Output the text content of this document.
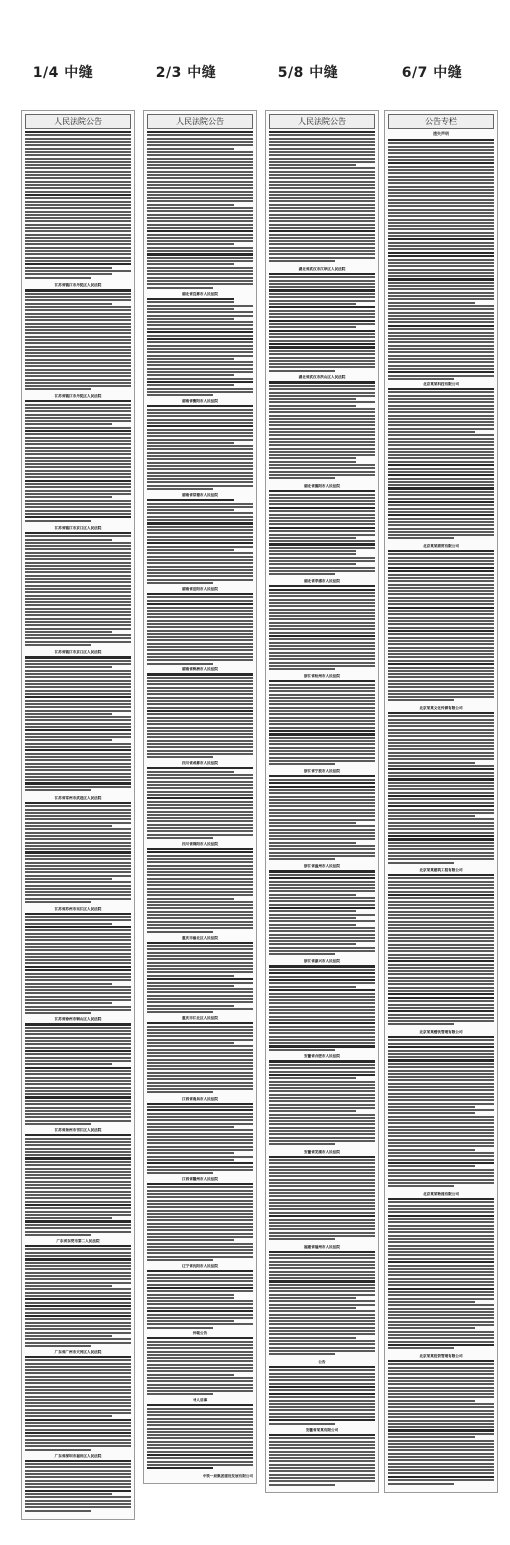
1/4 中缝	2/3 中缝	5/8 中缝	6/7 中缝
人民法院公告
江苏省镇江市丹徒区人民法院
江苏省镇江市丹徒区人民法院
江苏省镇江市京口区人民法院
江苏省镇江市京口区人民法院
江苏省常州市武进区人民法院
江苏省苏州市吴江区人民法院
江苏省徐州市铜山区人民法院
江苏省扬州市邗江区人民法院
广东省东莞市第二人民法院
广东省广州市天河区人民法院
广东省深圳市福田区人民法院
人民法院公告
湖北省宜都市人民法院
湖南省衡阳市人民法院
湖南省常德市人民法院
湖南省岳阳市人民法院
湖南省株洲市人民法院
四川省成都市人民法院
四川省绵阳市人民法院
重庆市渝北区人民法院
重庆市江北区人民法院
江西省南昌市人民法院
江西省赣州市人民法院
辽宁省沈阳市人民法院
仲裁公告
寻人启事
中铁一局集团建设发展有限公司
人民法院公告
湖北省武汉市江岸区人民法院
湖北省武汉市洪山区人民法院
湖北省襄阳市人民法院
湖北省孝感市人民法院
浙江省杭州市人民法院
浙江省宁波市人民法院
浙江省温州市人民法院
浙江省嘉兴市人民法院
安徽省合肥市人民法院
安徽省芜湖市人民法院
福建省福州市人民法院
公告
安徽省某某有限公司
公告专栏
遗失声明
北京某某科技有限公司
北京某某商贸有限公司
北京某某文化传媒有限公司
北京某某建筑工程有限公司
北京某某餐饮管理有限公司
北京某某物流有限公司
北京某某投资管理有限公司
